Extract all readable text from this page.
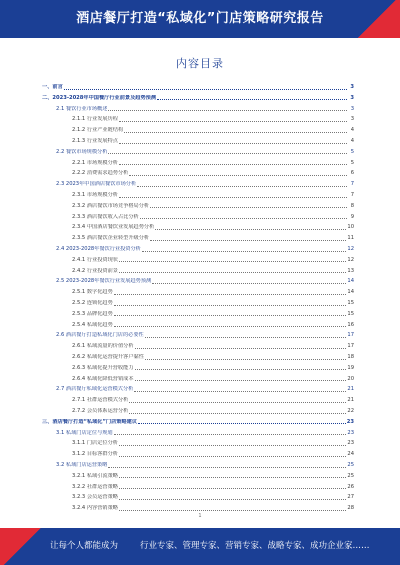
酒店餐厅打造“私域化”门店策略研究报告
内容目录
一、前言	3
二、2023-2028年中国餐厅行业前景及趋势预测	3
2.1 餐饮行业市场概述	3
2.1.1 行业发展历程	3
2.1.2 行业产业链结构	4
2.1.3 行业发展特点	4
2.2 餐饮市场规模分析	5
2.2.1 市场规模分析	5
2.2.2 消费需求趋势分析	6
2.3 2023年中国酒店餐饮市场分析	7
2.3.1 市场规模分析	7
2.3.2 酒店餐饮市场竞争格局分析	8
2.3.3 酒店餐饮收入占比分析	9
2.3.4 中国酒店餐饮业发展趋势分析	10
2.3.5 酒店餐饮企业转型升级分析	11
2.4 2023-2028年餐饮行业投资分析	12
2.4.1 行业投资现状	12
2.4.2 行业投资前景	13
2.5 2023-2028年餐饮行业发展趋势预测	14
2.5.1 数字化趋势	14
2.5.2 连锁化趋势	15
2.5.3 品牌化趋势	15
2.5.4 私域化趋势	16
2.6 酒店餐厅打造私域化门店的必要性	17
2.6.1 私域流量的价值分析	17
2.6.2 私域化运营提升客户黏性	18
2.6.3 私域化提升营收能力	19
2.6.4 私域化降低营销成本	20
2.7 酒店餐厅私域化运营模式分析	21
2.7.1 社群运营模式分析	21
2.7.2 会员体系运营分析	22
三、酒店餐厅打造“私域化”门店策略建议	23
3.1 私域门店定位与规划	23
3.1.1 门店定位分析	23
3.1.2 目标客群分析	24
3.2 私域门店运营策略	25
3.2.1 私域引流策略	25
3.2.2 社群运营策略	26
3.2.3 会员运营策略	27
3.2.4 内容营销策略	28
1
让每个人都能成为	行业专家、管理专家、营销专家、战略专家、成功企业家……
